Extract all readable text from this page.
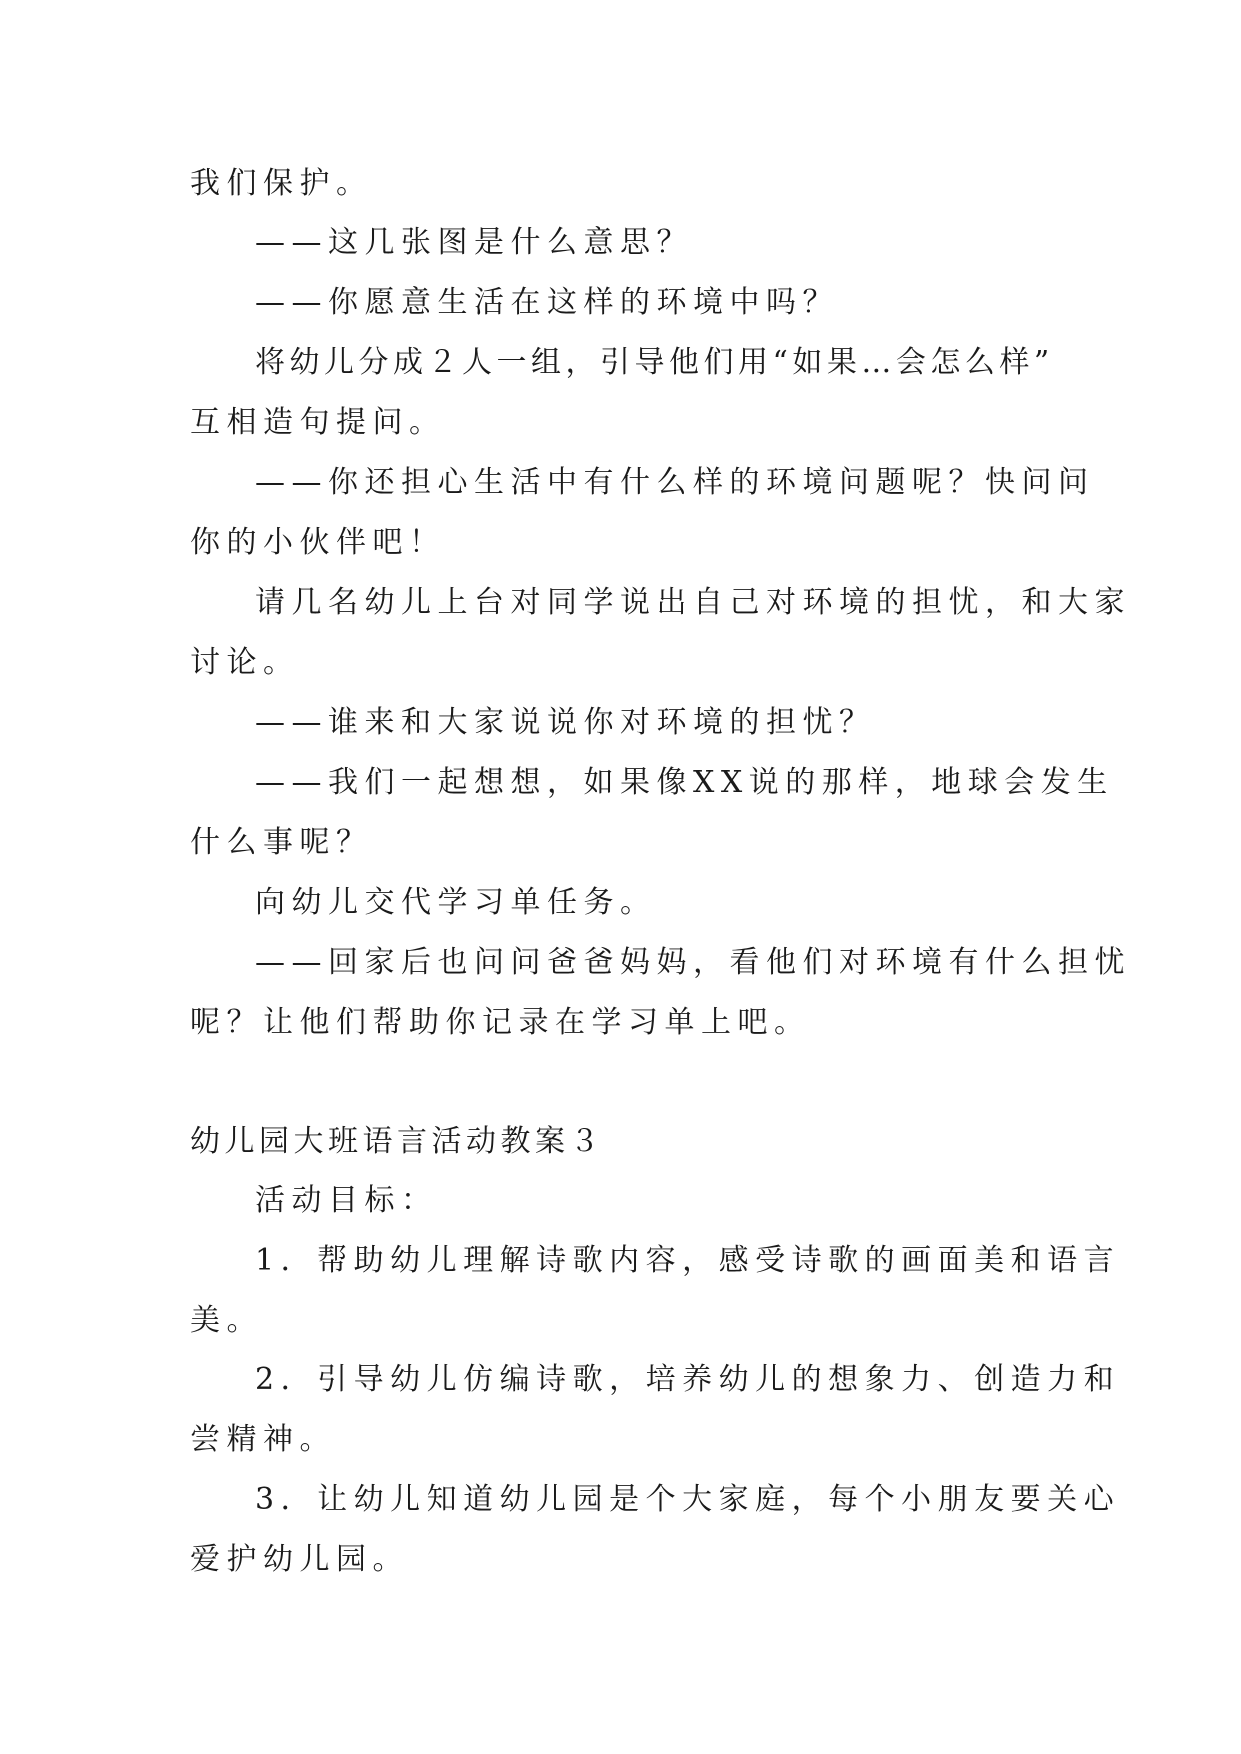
我们保护。
——这几张图是什么意思？
——你愿意生活在这样的环境中吗？
将幼儿分成２人一组，引导他们用“如果…会怎么样”
互相造句提问。
——你还担心生活中有什么样的环境问题呢？快问问
你的小伙伴吧！
请几名幼儿上台对同学说出自己对环境的担忧，和大家
讨论。
——谁来和大家说说你对环境的担忧？
——我们一起想想，如果像XX说的那样，地球会发生
什么事呢？
向幼儿交代学习单任务。
——回家后也问问爸爸妈妈，看他们对环境有什么担忧
呢？让他们帮助你记录在学习单上吧。
幼儿园大班语言活动教案３
活动目标：
1．帮助幼儿理解诗歌内容，感受诗歌的画面美和语言
美。
2．引导幼儿仿编诗歌，培养幼儿的想象力、创造力和
尝精神。
3．让幼儿知道幼儿园是个大家庭，每个小朋友要关心
爱护幼儿园。
